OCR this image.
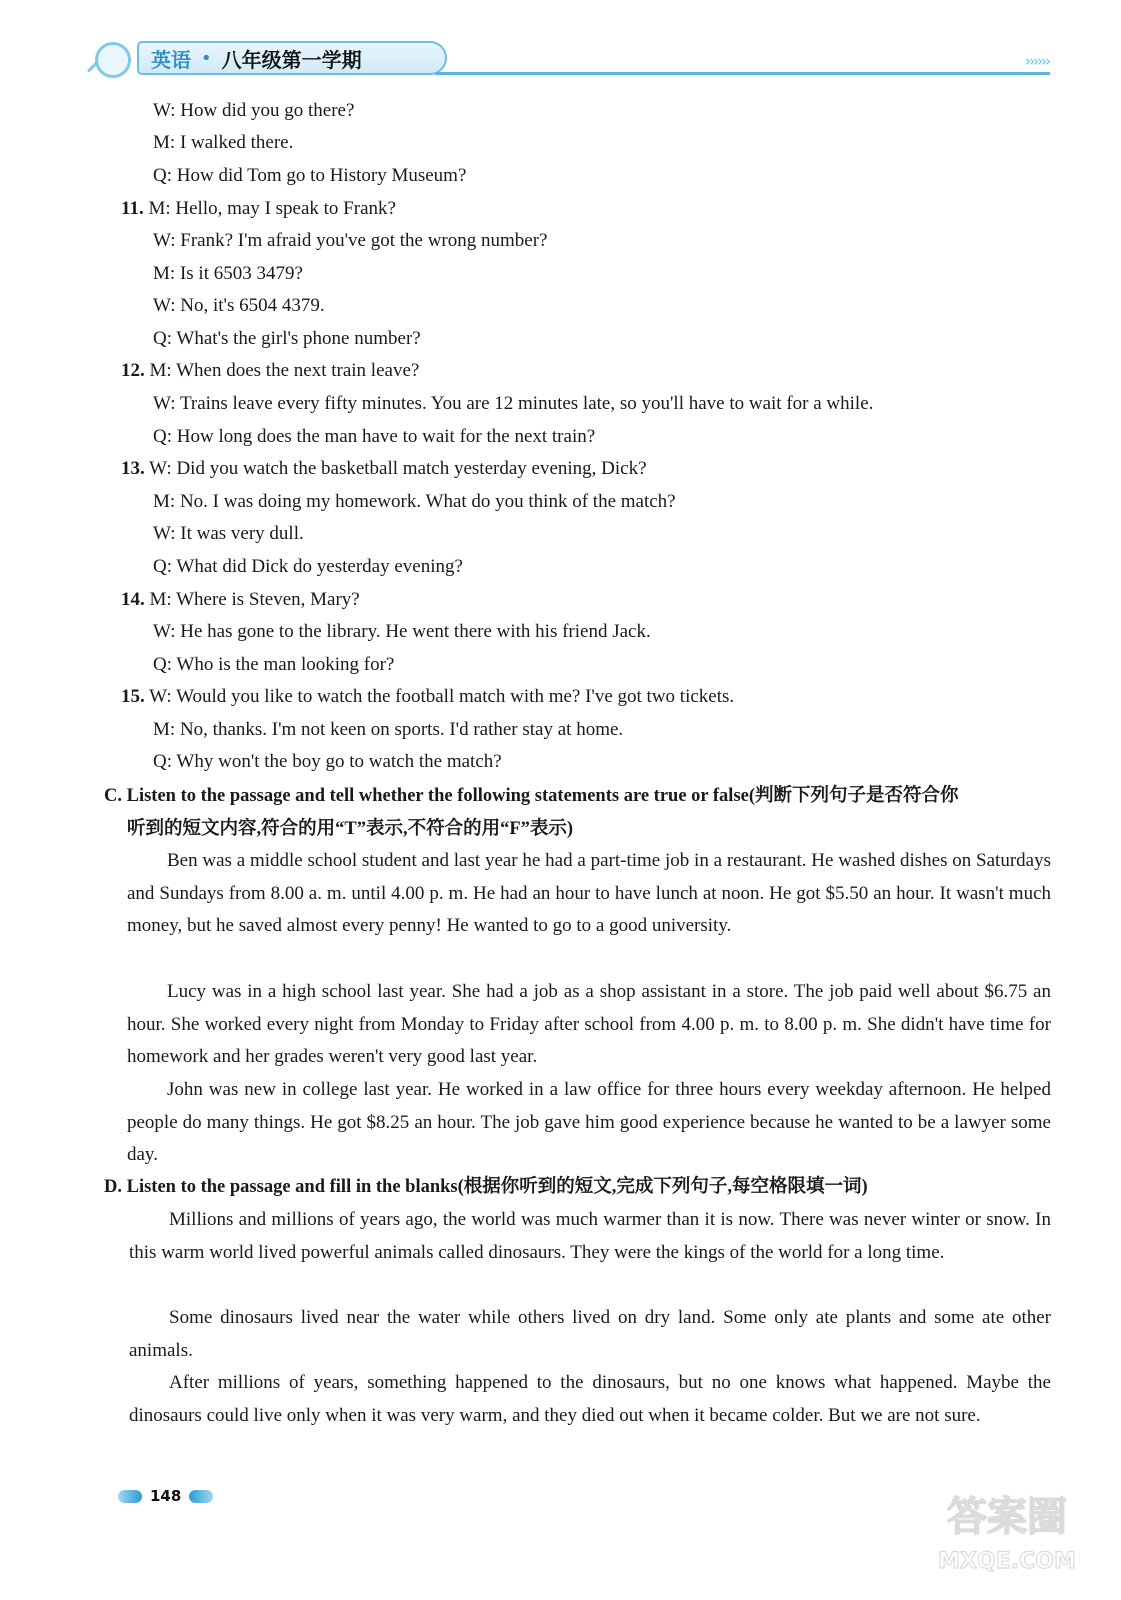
英语 • 八年级第一学期	››››››
W: How did you go there?
M: I walked there.
Q: How did Tom go to History Museum?
11. M: Hello, may I speak to Frank?
W: Frank? I'm afraid you've got the wrong number?
M: Is it 6503 3479?
W: No, it's 6504 4379.
Q: What's the girl's phone number?
12. M: When does the next train leave?
W: Trains leave every fifty minutes. You are 12 minutes late, so you'll have to wait for a while.
Q: How long does the man have to wait for the next train?
13. W: Did you watch the basketball match yesterday evening, Dick?
M: No. I was doing my homework. What do you think of the match?
W: It was very dull.
Q: What did Dick do yesterday evening?
14. M: Where is Steven, Mary?
W: He has gone to the library. He went there with his friend Jack.
Q: Who is the man looking for?
15. W: Would you like to watch the football match with me? I've got two tickets.
M: No, thanks. I'm not keen on sports. I'd rather stay at home.
Q: Why won't the boy go to watch the match?
C. Listen to the passage and tell whether the following statements are true or false(判断下列句子是否符合你
听到的短文内容,符合的用“T”表示,不符合的用“F”表示)
Ben was a middle school student and last year he had a part-time job in a restaurant. He washed dishes on Saturdays and Sundays from 8.00 a. m. until 4.00 p. m. He had an hour to have lunch at noon. He got $5.50 an hour. It wasn't much money, but he saved almost every penny! He wanted to go to a good university.
Lucy was in a high school last year. She had a job as a shop assistant in a store. The job paid well about $6.75 an hour. She worked every night from Monday to Friday after school from 4.00 p. m. to 8.00 p. m. She didn't have time for homework and her grades weren't very good last year.
John was new in college last year. He worked in a law office for three hours every weekday afternoon. He helped people do many things. He got $8.25 an hour. The job gave him good experience because he wanted to be a lawyer some day.
D. Listen to the passage and fill in the blanks(根据你听到的短文,完成下列句子,每空格限填一词)
Millions and millions of years ago, the world was much warmer than it is now. There was never winter or snow. In this warm world lived powerful animals called dinosaurs. They were the kings of the world for a long time.
Some dinosaurs lived near the water while others lived on dry land. Some only ate plants and some ate other animals.
After millions of years, something happened to the dinosaurs, but no one knows what happened. Maybe the dinosaurs could live only when it was very warm, and they died out when it became colder. But we are not sure.
148	答案圈
MXQE.COM
